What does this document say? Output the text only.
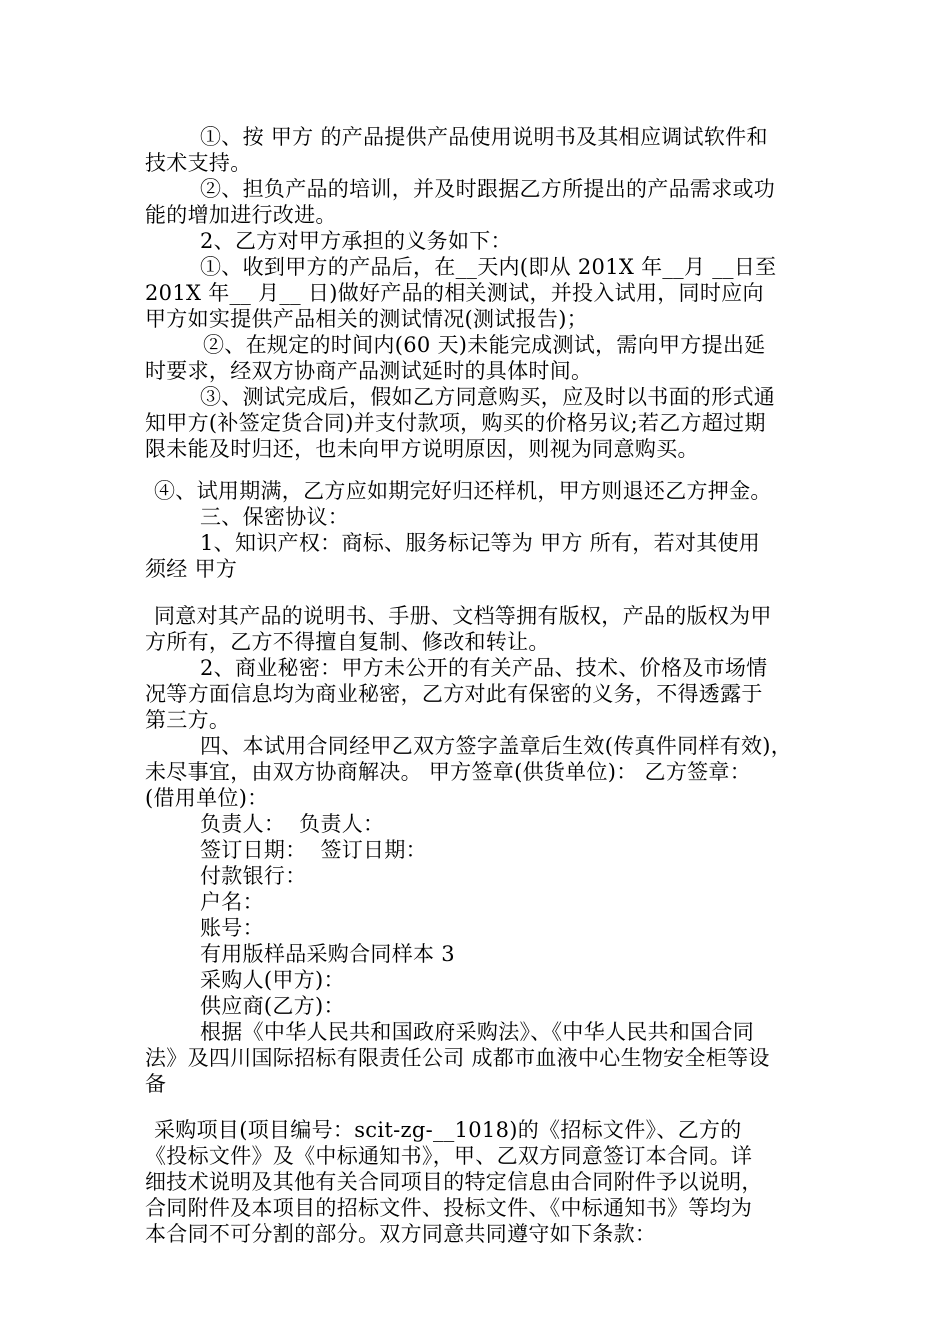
①、按 甲方 的产品提供产品使用说明书及其相应调试软件和
技术支持。
②、担负产品的培训，并及时跟据乙方所提出的产品需求或功
能的增加进行改进。
2、乙方对甲方承担的义务如下：
①、收到甲方的产品后，在__天内(即从 201X 年__月 __日至
201X 年__ 月__ 日)做好产品的相关测试，并投入试用，同时应向
甲方如实提供产品相关的测试情况(测试报告)；
②、在规定的时间内(60 天)未能完成测试，需向甲方提出延
时要求，经双方协商产品测试延时的具体时间。
③、测试完成后，假如乙方同意购买，应及时以书面的形式通
知甲方(补签定货合同)并支付款项，购买的价格另议;若乙方超过期
限未能及时归还，也未向甲方说明原因，则视为同意购买。
④、试用期满，乙方应如期完好归还样机，甲方则退还乙方押金。
三、保密协议：
1、知识产权：商标、服务标记等为 甲方 所有，若对其使用
须经 甲方
同意对其产品的说明书、手册、文档等拥有版权，产品的版权为甲
方所有，乙方不得擅自复制、修改和转让。
2、商业秘密：甲方未公开的有关产品、技术、价格及市场情
况等方面信息均为商业秘密，乙方对此有保密的义务，不得透露于
第三方。
四、本试用合同经甲乙双方签字盖章后生效(传真件同样有效)，
未尽事宜，由双方协商解决。 甲方签章(供货单位)： 乙方签章：
(借用单位)：
负责人：  负责人：
签订日期：  签订日期：
付款银行：
户名：
账号：
有用版样品采购合同样本 3
采购人(甲方)：
供应商(乙方)：
根据《中华人民共和国政府采购法》、《中华人民共和国合同
法》及四川国际招标有限责任公司 成都市血液中心生物安全柜等设
备
采购项目(项目编号：scit-zg-__1018)的《招标文件》、乙方的
《投标文件》及《中标通知书》，甲、乙双方同意签订本合同。详
细技术说明及其他有关合同项目的特定信息由合同附件予以说明，
合同附件及本项目的招标文件、投标文件、《中标通知书》等均为
本合同不可分割的部分。双方同意共同遵守如下条款：
